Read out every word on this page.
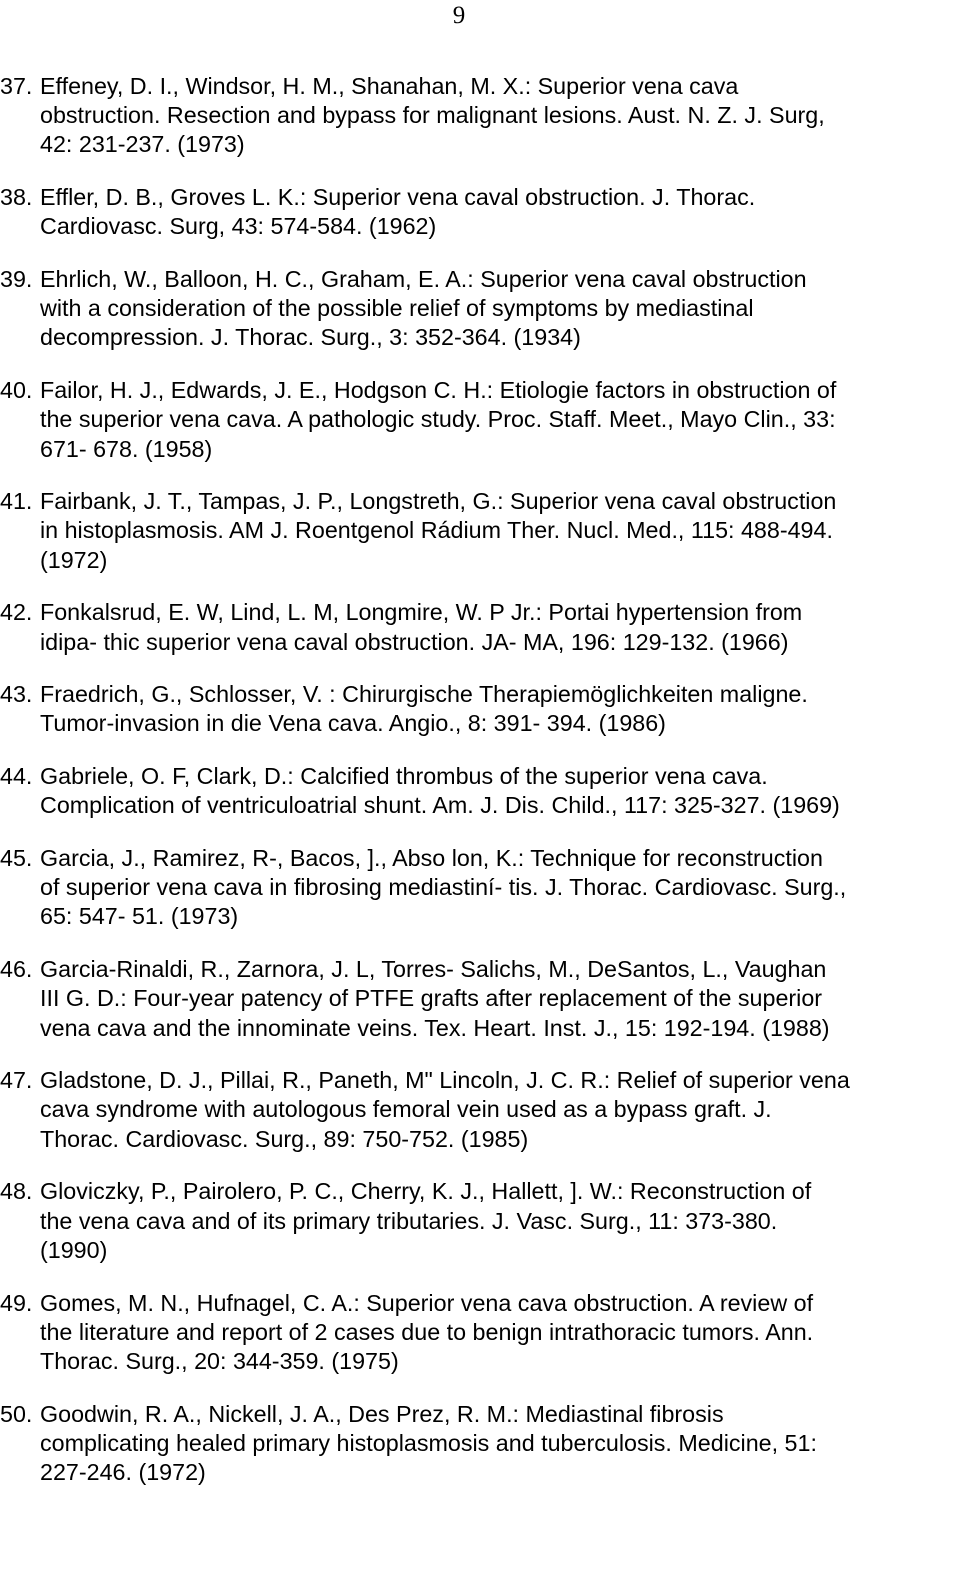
9
37. Effeney, D. I., Windsor, H. M., Shanahan, M. X.: Superior vena cava
obstruction. Resection and bypass for malignant lesions. Aust. N. Z. J. Surg,
42: 231-237. (1973)
38. Effler, D. B., Groves L. K.: Superior vena caval obstruction. J. Thorac.
Cardiovasc. Surg, 43: 574-584. (1962)
39. Ehrlich, W., Balloon, H. C., Graham, E. A.: Superior vena caval obstruction
with a consideration of the possible relief of symptoms by mediastinal
decompression. J. Thorac. Surg., 3: 352-364. (1934)
40. Failor, H. J., Edwards, J. E., Hodgson C. H.: Etiologie factors in obstruction of
the superior vena cava. A pathologic study. Proc. Staff. Meet., Mayo Clin., 33:
671- 678. (1958)
41. Fairbank, J. T., Tampas, J. P., Longstreth, G.: Superior vena caval obstruction
in histoplasmosis. AM J. Roentgenol Rádium Ther. Nucl. Med., 115: 488-494.
(1972)
42. Fonkalsrud, E. W, Lind, L. M, Longmire, W. P Jr.: Portai hypertension from
idipa- thic superior vena caval obstruction. JA- MA, 196: 129-132. (1966)
43. Fraedrich, G., Schlosser, V. : Chirurgische Therapiemöglichkeiten maligne.
Tumor-invasion in die Vena cava. Angio., 8: 391- 394. (1986)
44. Gabriele, O. F, Clark, D.: Calcified thrombus of the superior vena cava.
Complication of ventriculoatrial shunt. Am. J. Dis. Child., 117: 325-327. (1969)
45. Garcia, J., Ramirez, R-, Bacos, ]., Abso lon, K.: Technique for reconstruction
of superior vena cava in fibrosing mediastiní- tis. J. Thorac. Cardiovasc. Surg.,
65: 547- 51. (1973)
46. Garcia-Rinaldi, R., Zarnora, J. L, Torres- Salichs, M., DeSantos, L., Vaughan
III G. D.: Four-year patency of PTFE grafts after replacement of the superior
vena cava and the innominate veins. Tex. Heart. Inst. J., 15: 192-194. (1988)
47. Gladstone, D. J., Pillai, R., Paneth, M" Lincoln, J. C. R.: Relief of superior vena
cava syndrome with autologous femoral vein used as a bypass graft. J.
Thorac. Cardiovasc. Surg., 89: 750-752. (1985)
48. Gloviczky, P., Pairolero, P. C., Cherry, K. J., Hallett, ]. W.: Reconstruction of
the vena cava and of its primary tributaries. J. Vasc. Surg., 11: 373-380.
(1990)
49. Gomes, M. N., Hufnagel, C. A.: Superior vena cava obstruction. A review of
the literature and report of 2 cases due to benign intrathoracic tumors. Ann.
Thorac. Surg., 20: 344-359. (1975)
50. Goodwin, R. A., Nickell, J. A., Des Prez, R. M.: Mediastinal fibrosis
complicating healed primary histoplasmosis and tuberculosis. Medicine, 51:
227-246. (1972)
